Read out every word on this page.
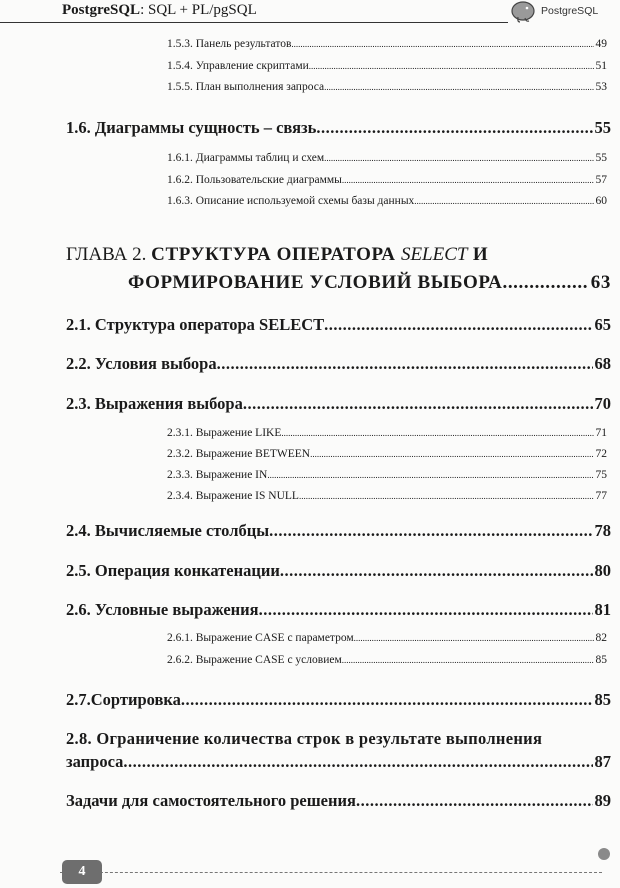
PostgreSQL: SQL + PL/pgSQL	PostgreSQL
1.5.3. Панель результатов .....	49
1.5.4. Управление скриптами .....	51
1.5.5. План выполнения запроса .....	53
1.6. Диаграммы сущность – связь .....	55
1.6.1. Диаграммы таблиц и схем .....	55
1.6.2. Пользовательские диаграммы .....	57
1.6.3. Описание используемой схемы базы данных .....	60
ГЛАВА 2. СТРУКТУРА ОПЕРАТОРА SELECT И
ФОРМИРОВАНИЕ УСЛОВИЙ ВЫБОРА .....	63
2.1. Структура оператора SELECT .....	65
2.2. Условия выбора .....	68
2.3. Выражения выбора .....	70
2.3.1. Выражение LIKE .....	71
2.3.2. Выражение BETWEEN .....	72
2.3.3. Выражение IN .....	75
2.3.4. Выражение IS NULL .....	77
2.4. Вычисляемые столбцы .....	78
2.5. Операция конкатенации .....	80
2.6. Условные выражения .....	81
2.6.1. Выражение CASE с параметром .....	82
2.6.2. Выражение CASE с условием .....	85
2.7.Сортировка .....	85
2.8. Ограничение количества строк в результате выполнения
запроса .....	87
Задачи для самостоятельного решения .....	89
4
